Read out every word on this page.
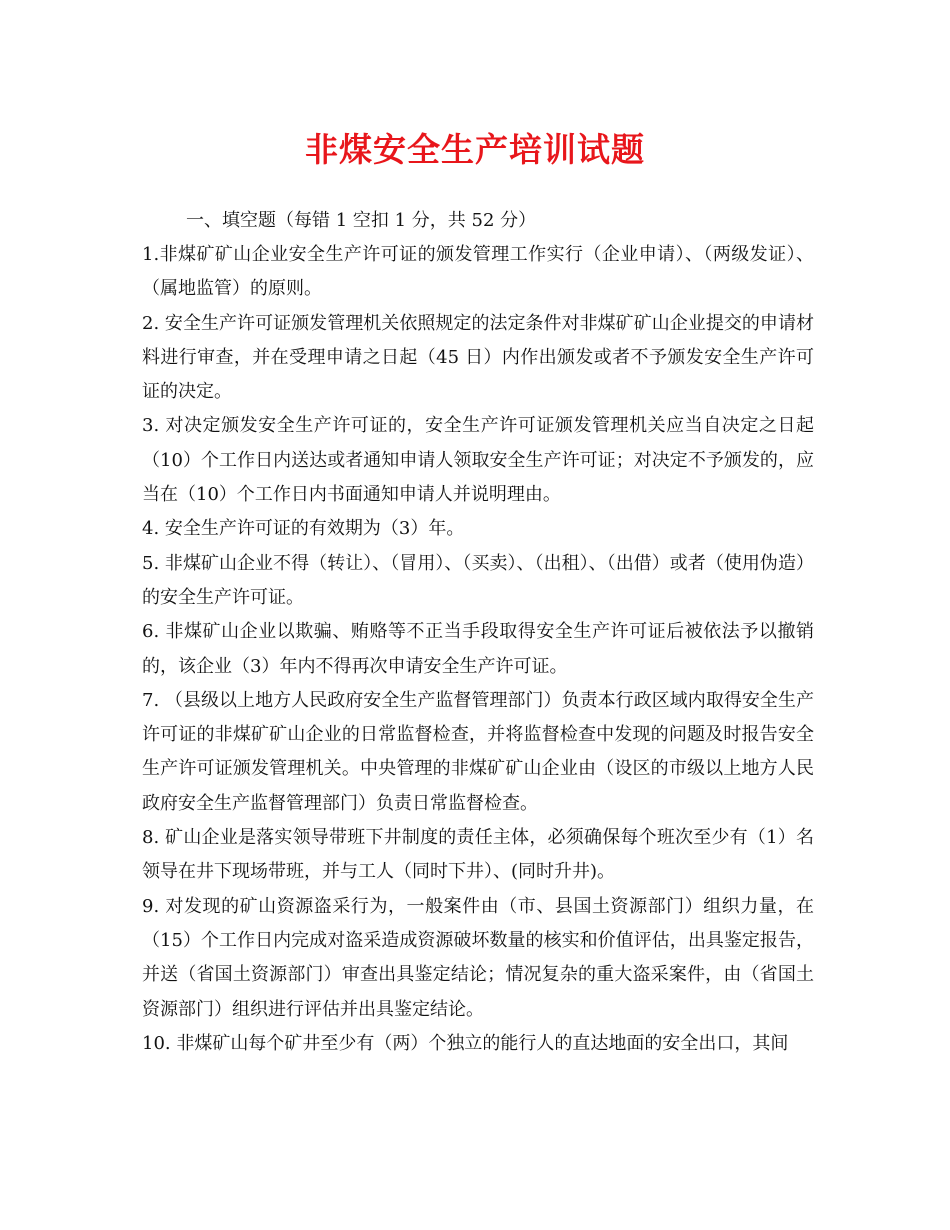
非煤安全生产培训试题
一、填空题（每错 1 空扣 1 分，共 52 分）

1.非煤矿矿山企业安全生产许可证的颁发管理工作实行（企业申请）、（两级发证）、（属地监管）的原则。

2. 安全生产许可证颁发管理机关依照规定的法定条件对非煤矿矿山企业提交的申请材料进行审查，并在受理申请之日起（45 日）内作出颁发或者不予颁发安全生产许可证的决定。

3. 对决定颁发安全生产许可证的，安全生产许可证颁发管理机关应当自决定之日起（10）个工作日内送达或者通知申请人领取安全生产许可证；对决定不予颁发的，应当在（10）个工作日内书面通知申请人并说明理由。

4. 安全生产许可证的有效期为（3）年。

5. 非煤矿山企业不得（转让）、（冒用）、（买卖）、（出租）、（出借）或者（使用伪造）的安全生产许可证。

6. 非煤矿山企业以欺骗、贿赂等不正当手段取得安全生产许可证后被依法予以撤销的，该企业（3）年内不得再次申请安全生产许可证。

7. （县级以上地方人民政府安全生产监督管理部门）负责本行政区域内取得安全生产许可证的非煤矿矿山企业的日常监督检查，并将监督检查中发现的问题及时报告安全生产许可证颁发管理机关。中央管理的非煤矿矿山企业由（设区的市级以上地方人民政府安全生产监督管理部门）负责日常监督检查。

8. 矿山企业是落实领导带班下井制度的责任主体，必须确保每个班次至少有（1）名领导在井下现场带班，并与工人（同时下井）、(同时升井)。

9. 对发现的矿山资源盗采行为，一般案件由（市、县国土资源部门）组织力量，在（15）个工作日内完成对盗采造成资源破坏数量的核实和价值评估，出具鉴定报告，并送（省国土资源部门）审查出具鉴定结论；情况复杂的重大盗采案件，由（省国土资源部门）组织进行评估并出具鉴定结论。

10. 非煤矿山每个矿井至少有（两）个独立的能行人的直达地面的安全出口，其间
